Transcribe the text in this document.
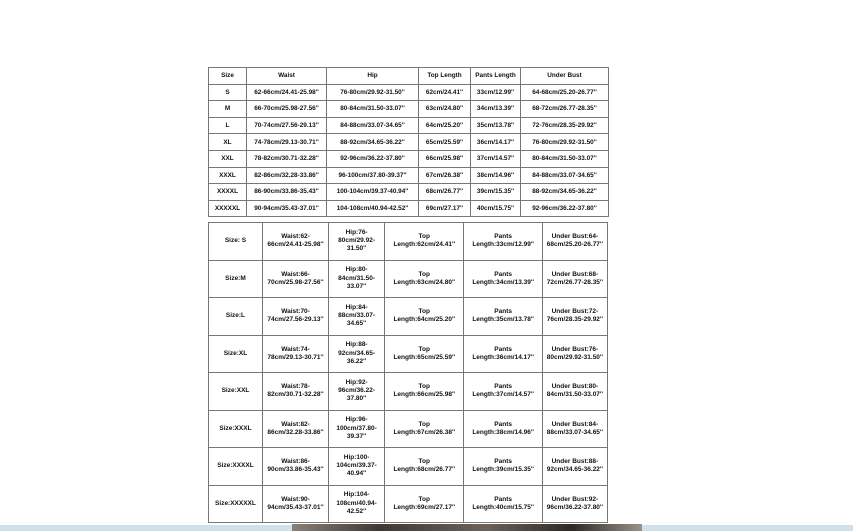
Size	Waist	Hip	Top Length	Pants Length	Under Bust
S	62-66cm/24.41-25.98''	76-80cm/29.92-31.50''	62cm/24.41''	33cm/12.99''	64-68cm/25.20-26.77''
M	66-70cm/25.98-27.56''	80-84cm/31.50-33.07''	63cm/24.80''	34cm/13.39''	68-72cm/26.77-28.35''
L	70-74cm/27.56-29.13''	84-88cm/33.07-34.65''	64cm/25.20''	35cm/13.78''	72-76cm/28.35-29.92''
XL	74-78cm/29.13-30.71''	88-92cm/34.65-36.22''	65cm/25.59''	36cm/14.17''	76-80cm/29.92-31.50''
XXL	78-82cm/30.71-32.28''	92-96cm/36.22-37.80''	66cm/25.98''	37cm/14.57''	80-84cm/31.50-33.07''
XXXL	82-86cm/32.28-33.86''	96-100cm/37.80-39.37''	67cm/26.38''	38cm/14.96''	84-88cm/33.07-34.65''
XXXXL	86-90cm/33.86-35.43''	100-104cm/39.37-40.94''	68cm/26.77''	39cm/15.35''	88-92cm/34.65-36.22''
XXXXXL	90-94cm/35.43-37.01''	104-108cm/40.94-42.52''	69cm/27.17''	40cm/15.75''	92-96cm/36.22-37.80''
Size: S	Waist:62-66cm/24.41-25.98''	Hip:76-80cm/29.92-31.50''	Top Length:62cm/24.41''	Pants Length:33cm/12.99''	Under Bust:64-68cm/25.20-26.77''
Size:M	Waist:66-70cm/25.98-27.56''	Hip:80-84cm/31.50-33.07''	Top Length:63cm/24.80''	Pants Length:34cm/13.39''	Under Bust:68-72cm/26.77-28.35''
Size:L	Waist:70-74cm/27.56-29.13''	Hip:84-88cm/33.07-34.65''	Top Length:64cm/25.20''	Pants Length:35cm/13.78''	Under Bust:72-76cm/28.35-29.92''
Size:XL	Waist:74-78cm/29.13-30.71''	Hip:88-92cm/34.65-36.22''	Top Length:65cm/25.59''	Pants Length:36cm/14.17''	Under Bust:76-80cm/29.92-31.50''
Size:XXL	Waist:78-82cm/30.71-32.28''	Hip:92-96cm/36.22-37.80''	Top Length:66cm/25.98''	Pants Length:37cm/14.57''	Under Bust:80-84cm/31.50-33.07''
Size:XXXL	Waist:82-86cm/32.28-33.86''	Hip:96-100cm/37.80-39.37''	Top Length:67cm/26.38''	Pants Length:38cm/14.96''	Under Bust:84-88cm/33.07-34.65''
Size:XXXXL	Waist:86-90cm/33.86-35.43''	Hip:100-104cm/39.37-40.94''	Top Length:68cm/26.77''	Pants Length:39cm/15.35''	Under Bust:88-92cm/34.65-36.22''
Size:XXXXXL	Waist:90-94cm/35.43-37.01''	Hip:104-108cm/40.94-42.52''	Top Length:69cm/27.17''	Pants Length:40cm/15.75''	Under Bust:92-96cm/36.22-37.80''
